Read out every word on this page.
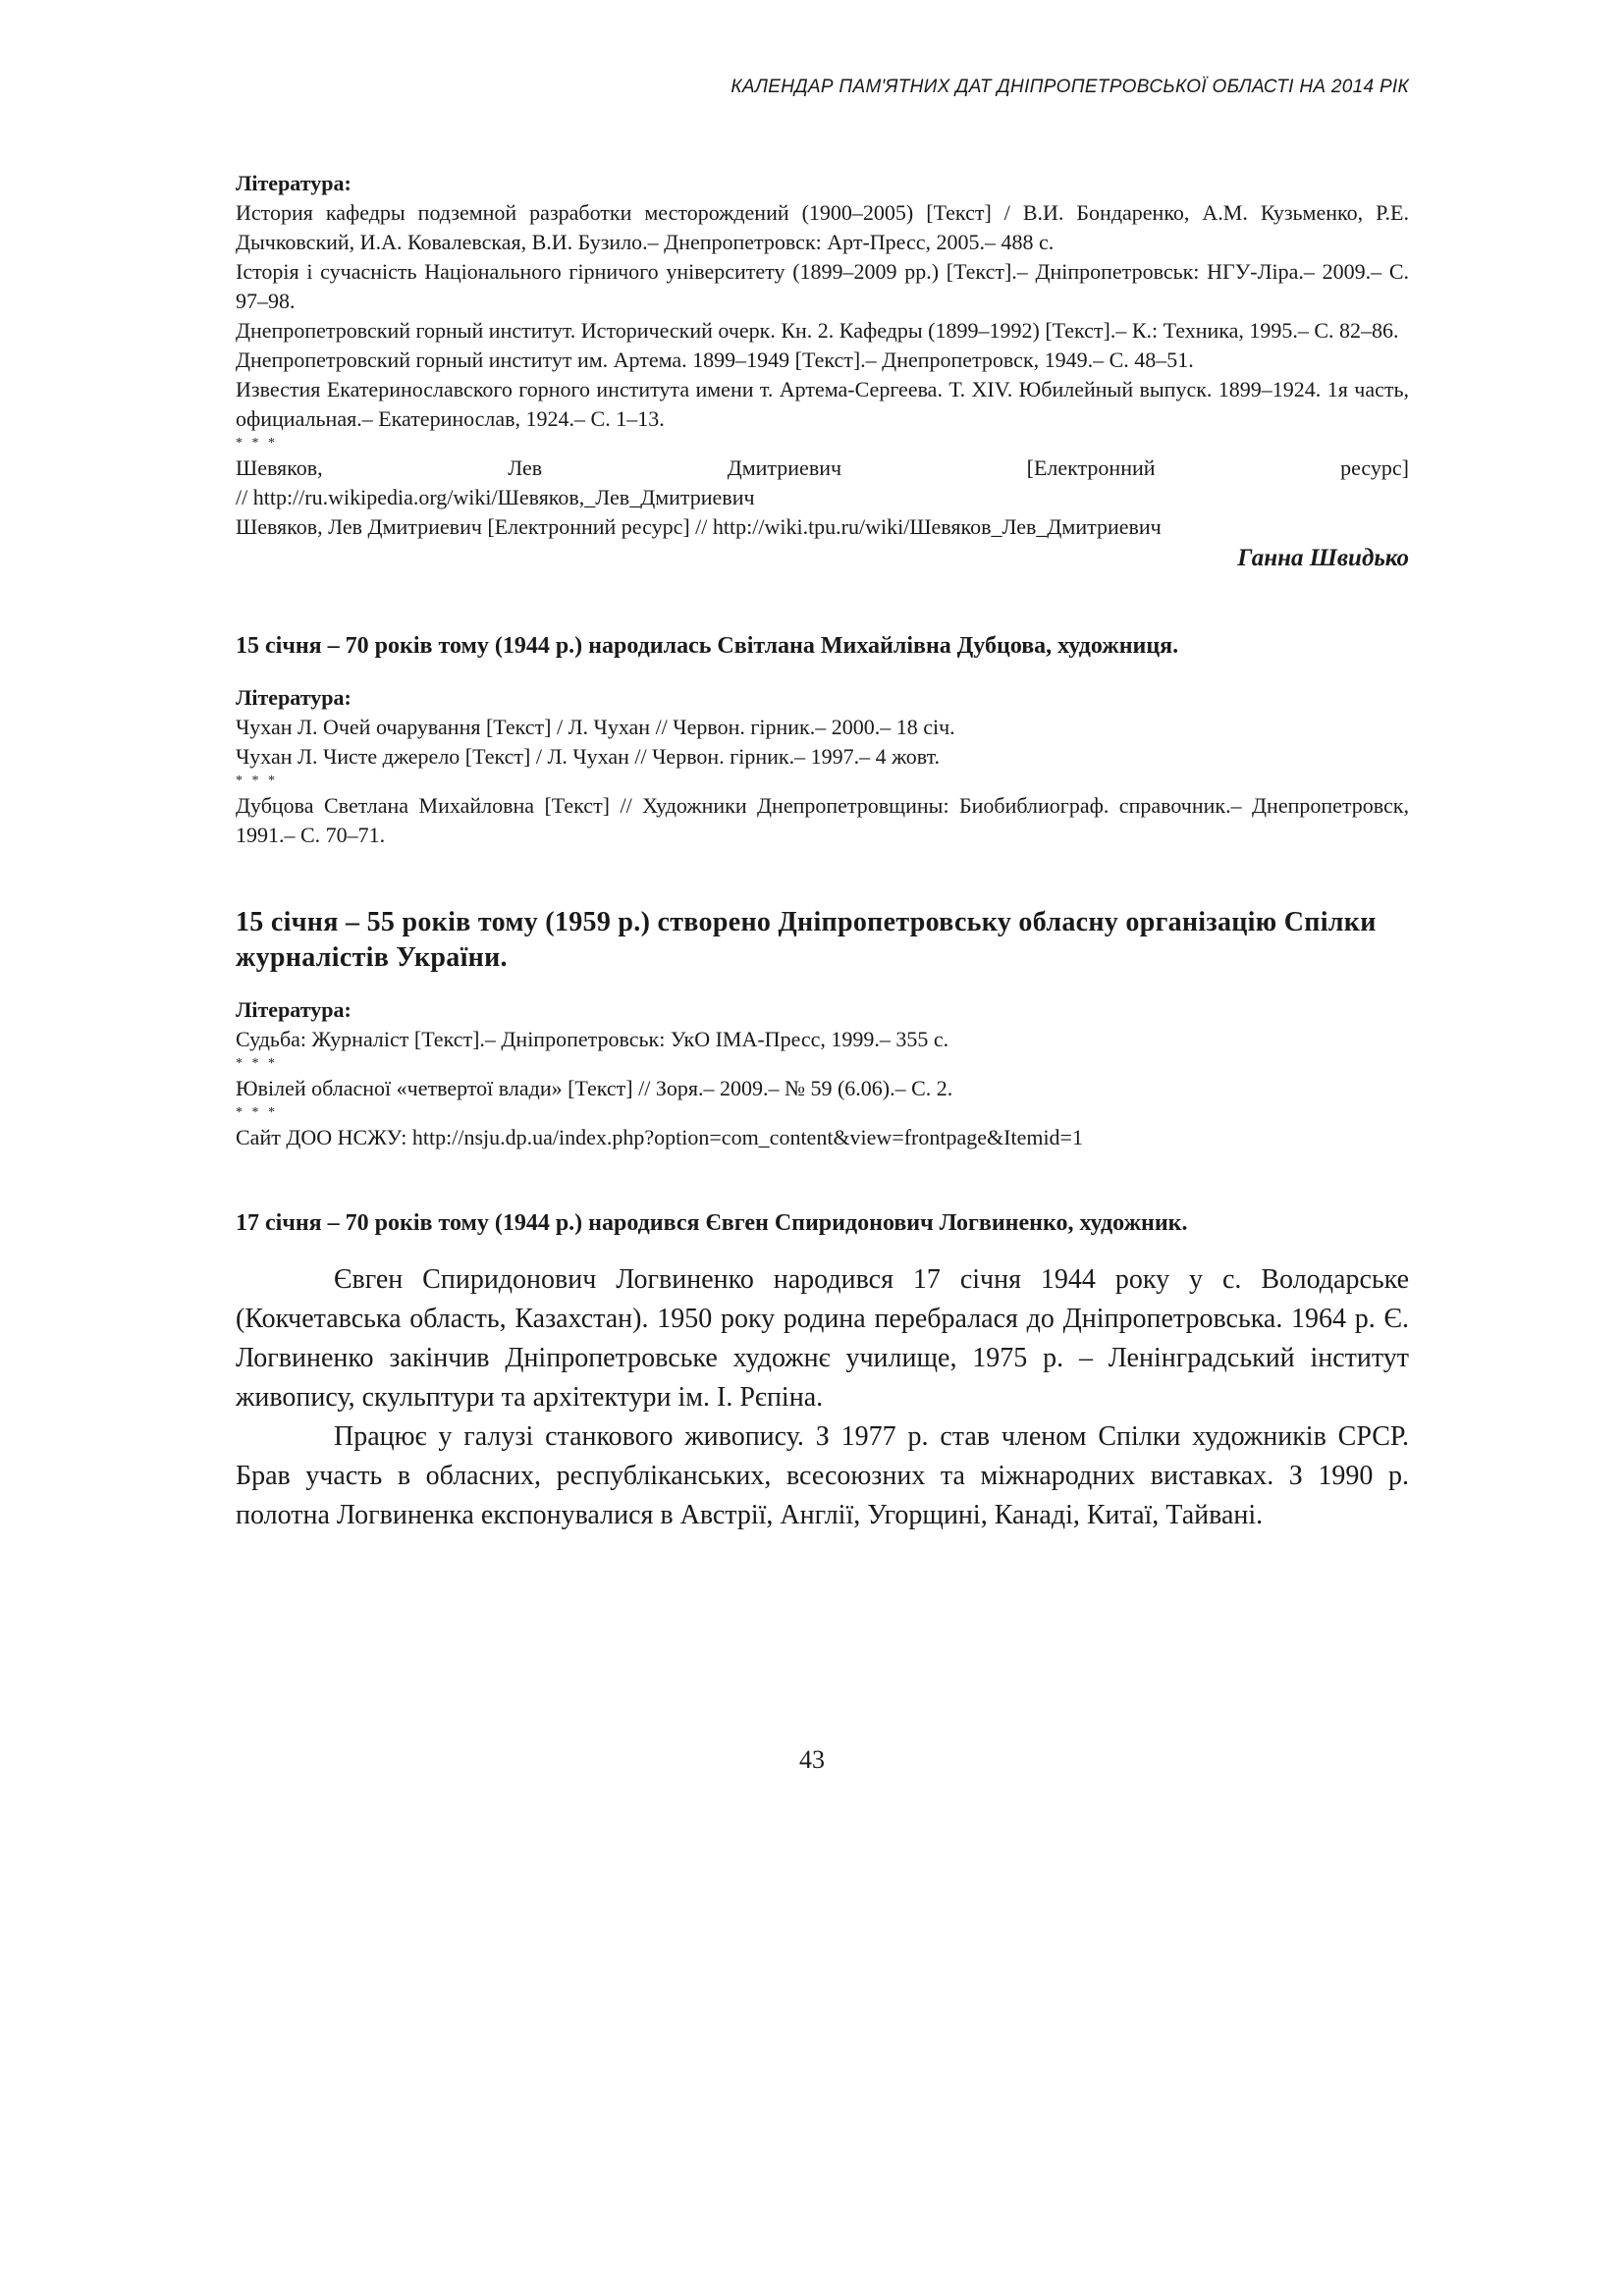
КАЛЕНДАР ПАМ'ЯТНИХ ДАТ ДНІПРОПЕТРОВСЬКОЇ ОБЛАСТІ НА 2014 РІК
Література:
История кафедры подземной разработки месторождений (1900–2005) [Текст] / В.И. Бондаренко, А.М. Кузьменко, Р.Е. Дычковский, И.А. Ковалевская, В.И. Бузило.– Днепропетровск: Арт-Пресс, 2005.– 488 с.
Історія і сучасність Національного гірничого університету (1899–2009 рр.) [Текст].– Дніпропетровськ: НГУ-Ліра.– 2009.– С. 97–98.
Днепропетровский горный институт. Исторический очерк. Кн. 2. Кафедры (1899–1992) [Текст].– К.: Техника, 1995.– С. 82–86.
Днепропетровский горный институт им. Артема. 1899–1949 [Текст].– Днепропетровск, 1949.– С. 48–51.
Известия Екатеринославского горного института имени т. Артема-Сергеева. Т. XIV. Юбилейный выпуск. 1899–1924. 1я часть, официальная.– Екатеринослав, 1924.– С. 1–13.
* * *
Шевяков,	Лев	Дмитриевич	[Електронний	ресурс]
// http://ru.wikipedia.org/wiki/Шевяков,_Лев_Дмитриевич
Шевяков, Лев Дмитриевич [Електронний ресурс] // http://wiki.tpu.ru/wiki/Шевяков_Лев_Дмитриевич
Ганна Швидько
15 січня – 70 років тому (1944 р.) народилась Світлана Михайлівна Дубцова, художниця.
Література:
Чухан Л. Очей очарування [Текст] / Л. Чухан // Червон. гірник.– 2000.– 18 січ.
Чухан Л. Чисте джерело [Текст] / Л. Чухан // Червон. гірник.– 1997.– 4 жовт.
* * *
Дубцова Светлана Михайловна [Текст] // Художники Днепропетровщины: Биобиблиограф. справочник.– Днепропетровск, 1991.– С. 70–71.
15 січня – 55 років тому (1959 р.) створено Дніпропетровську обласну організацію Спілки журналістів України.
Література:
Судьба: Журналіст [Текст].– Дніпропетровськ: УкО ІМА-Пресс, 1999.– 355 с.
* * *
Ювілей обласної «четвертої влади» [Текст] // Зоря.– 2009.– № 59 (6.06).– С. 2.
* * *
Сайт ДОО НСЖУ: http://nsju.dp.ua/index.php?option=com_content&view=frontpage&Itemid=1
17 січня – 70 років тому (1944 р.) народився Євген Спиридонович Логвиненко, художник.

Євген Спиридонович Логвиненко народився 17 січня 1944 року у с. Володарське (Кокчетавська область, Казахстан). 1950 року родина перебралася до Дніпропетровська. 1964 р. Є. Логвиненко закінчив Дніпропетровське художнє училище, 1975 р. – Ленінградський інститут живопису, скульптури та архітектури ім. І. Рєпіна.

Працює у галузі станкового живопису. З 1977 р. став членом Спілки художників СРСР. Брав участь в обласних, республіканських, всесоюзних та міжнародних виставках. З 1990 р. полотна Логвиненка експонувалися в Австрії, Англії, Угорщині, Канаді, Китаї, Тайвані.

43
